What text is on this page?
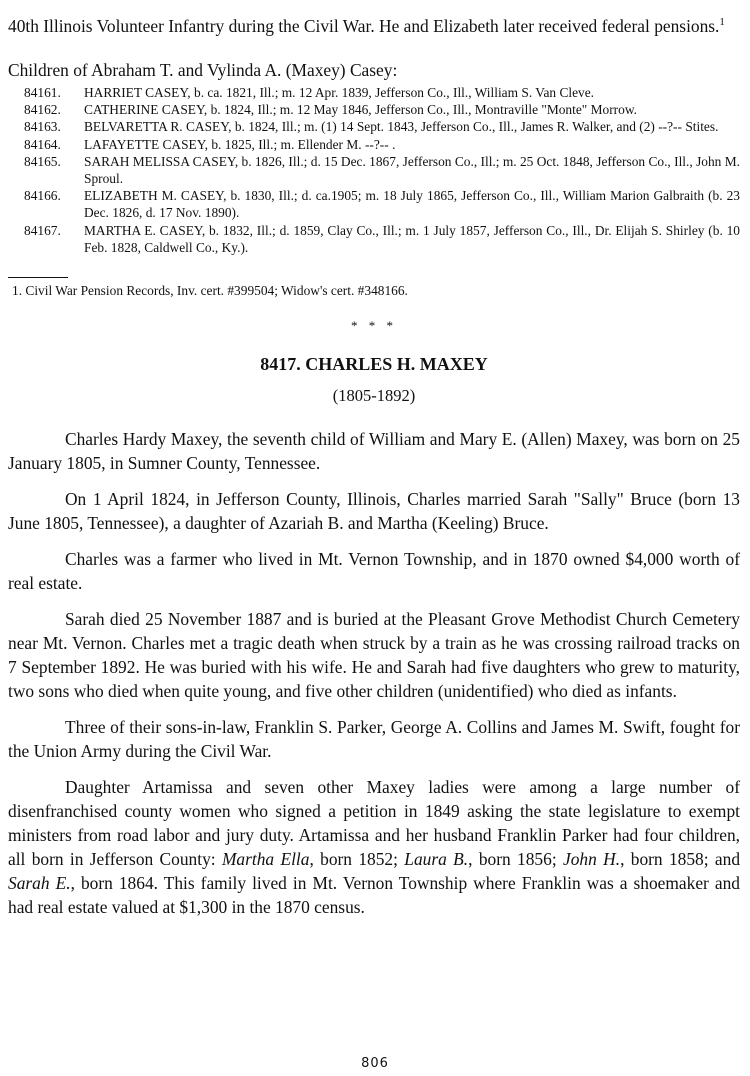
40th Illinois Volunteer Infantry during the Civil War. He and Elizabeth later received federal pensions.$^1$

Children of Abraham T. and Vylinda A. (Maxey) Casey:

84161.	HARRIET CASEY, b. ca. 1821, Ill.; m. 12 Apr. 1839, Jefferson Co., Ill., William S. Van Cleve.
84162.	CATHERINE CASEY, b. 1824, Ill.; m. 12 May 1846, Jefferson Co., Ill., Montraville "Monte" Morrow.
84163.	BELVARETTA R. CASEY, b. 1824, Ill.; m. (1) 14 Sept. 1843, Jefferson Co., Ill., James R. Walker, and (2) --?-- Stites.
84164.	LAFAYETTE CASEY, b. 1825, Ill.; m. Ellender M. --?-- .
84165.	SARAH MELISSA CASEY, b. 1826, Ill.; d. 15 Dec. 1867, Jefferson Co., Ill.; m. 25 Oct. 1848, Jefferson Co., Ill., John M. Sproul.
84166.	ELIZABETH M. CASEY, b. 1830, Ill.; d. ca.1905; m. 18 July 1865, Jefferson Co., Ill., William Marion Galbraith (b. 23 Dec. 1826, d. 17 Nov. 1890).
84167.	MARTHA E. CASEY, b. 1832, Ill.; d. 1859, Clay Co., Ill.; m. 1 July 1857, Jefferson Co., Ill., Dr. Elijah S. Shirley (b. 10 Feb. 1828, Caldwell Co., Ky.).

1. Civil War Pension Records, Inv. cert. #399504; Widow's cert. #348166.

* * *

8417. CHARLES H. MAXEY

(1805-1892)

Charles Hardy Maxey, the seventh child of William and Mary E. (Allen) Maxey, was born on 25 January 1805, in Sumner County, Tennessee.

On 1 April 1824, in Jefferson County, Illinois, Charles married Sarah "Sally" Bruce (born 13 June 1805, Tennessee), a daughter of Azariah B. and Martha (Keeling) Bruce.

Charles was a farmer who lived in Mt. Vernon Township, and in 1870 owned $4,000 worth of real estate.

Sarah died 25 November 1887 and is buried at the Pleasant Grove Methodist Church Cemetery near Mt. Vernon. Charles met a tragic death when struck by a train as he was crossing railroad tracks on 7 September 1892. He was buried with his wife. He and Sarah had five daughters who grew to maturity, two sons who died when quite young, and five other children (unidentified) who died as infants.

Three of their sons-in-law, Franklin S. Parker, George A. Collins and James M. Swift, fought for the Union Army during the Civil War.

Daughter Artamissa and seven other Maxey ladies were among a large number of disenfranchised county women who signed a petition in 1849 asking the state legislature to exempt ministers from road labor and jury duty. Artamissa and her husband Franklin Parker had four children, all born in Jefferson County: Martha Ella, born 1852; Laura B., born 1856; John H., born 1858; and Sarah E., born 1864. This family lived in Mt. Vernon Township where Franklin was a shoemaker and had real estate valued at $1,300 in the 1870 census.

806
